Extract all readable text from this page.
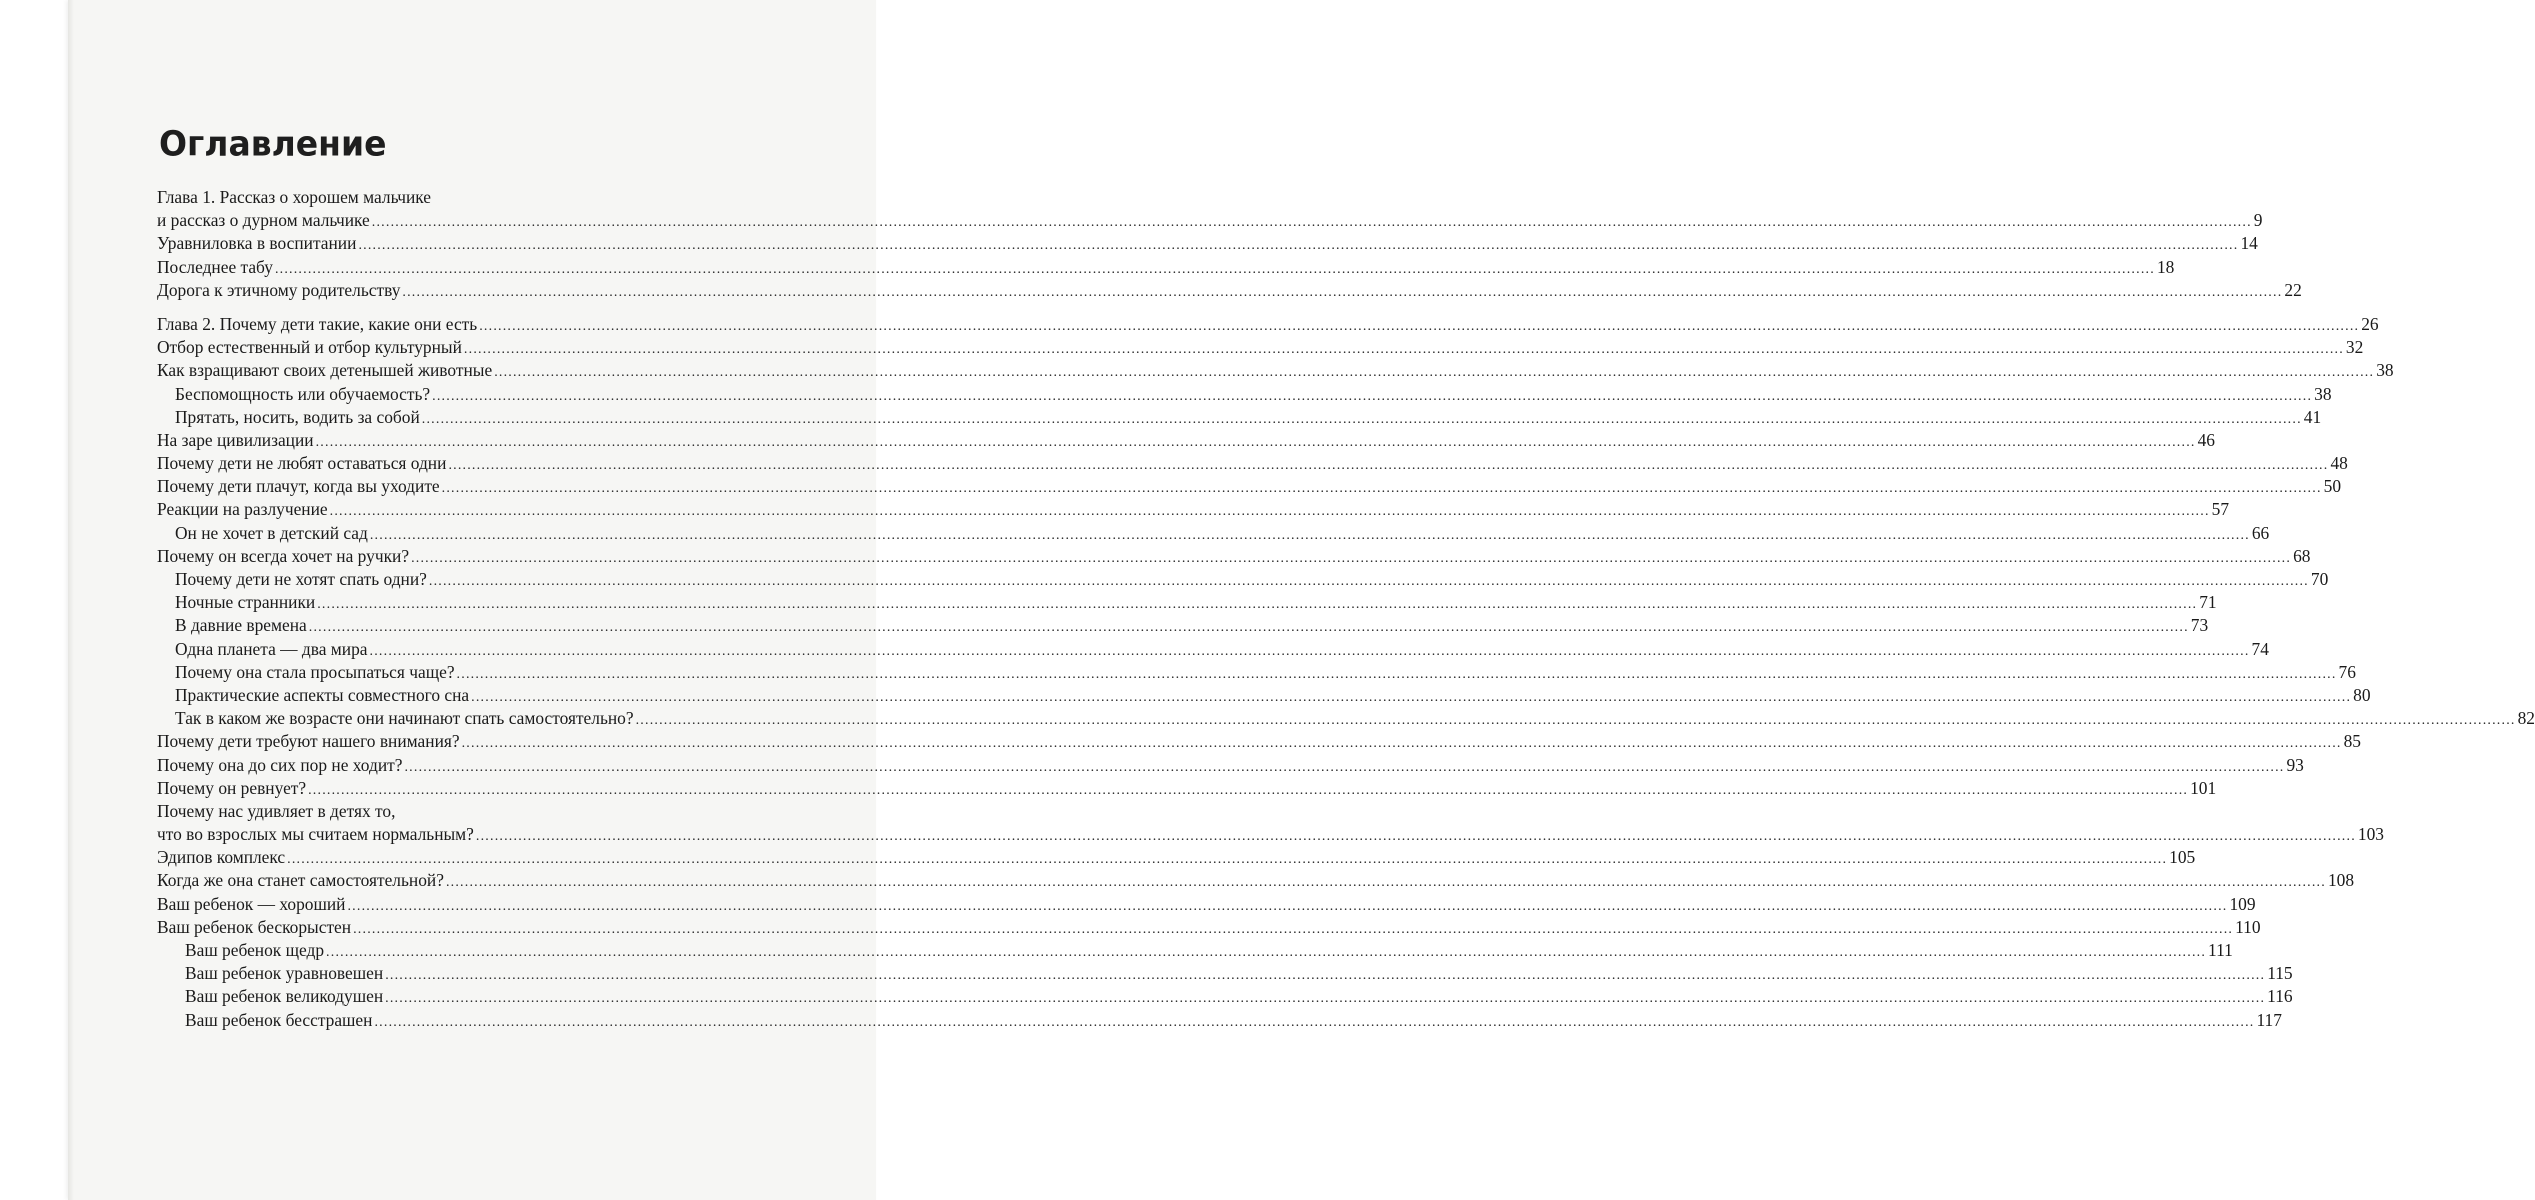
Оглавление
Глава 1. Рассказ о хорошем мальчике
и рассказ о дурном мальчике ................................................................................................................................................................................................................................................................................................................................................................................................................ 9
Уравниловка в воспитании ................................................................................................................................................................................................................................................................................................................................................................................................................ 14
Последнее табу ................................................................................................................................................................................................................................................................................................................................................................................................................ 18
Дорога к этичному родительству ................................................................................................................................................................................................................................................................................................................................................................................................................ 22
Глава 2. Почему дети такие, какие они есть ................................................................................................................................................................................................................................................................................................................................................................................................................ 26
Отбор естественный и отбор культурный ................................................................................................................................................................................................................................................................................................................................................................................................................ 32
Как взращивают своих детенышей животные ................................................................................................................................................................................................................................................................................................................................................................................................................ 38
Беспомощность или обучаемость? ................................................................................................................................................................................................................................................................................................................................................................................................................ 38
Прятать, носить, водить за собой ................................................................................................................................................................................................................................................................................................................................................................................................................ 41
На заре цивилизации ................................................................................................................................................................................................................................................................................................................................................................................................................ 46
Почему дети не любят оставаться одни ................................................................................................................................................................................................................................................................................................................................................................................................................ 48
Почему дети плачут, когда вы уходите ................................................................................................................................................................................................................................................................................................................................................................................................................ 50
Реакции на разлучение ................................................................................................................................................................................................................................................................................................................................................................................................................ 57
Он не хочет в детский сад ................................................................................................................................................................................................................................................................................................................................................................................................................ 66
Почему он всегда хочет на ручки? ................................................................................................................................................................................................................................................................................................................................................................................................................ 68
Почему дети не хотят спать одни? ................................................................................................................................................................................................................................................................................................................................................................................................................ 70
Ночные странники ................................................................................................................................................................................................................................................................................................................................................................................................................ 71
В давние времена ................................................................................................................................................................................................................................................................................................................................................................................................................ 73
Одна планета — два мира ................................................................................................................................................................................................................................................................................................................................................................................................................ 74
Почему она стала просыпаться чаще? ................................................................................................................................................................................................................................................................................................................................................................................................................ 76
Практические аспекты совместного сна ................................................................................................................................................................................................................................................................................................................................................................................................................ 80
Так в каком же возрасте они начинают спать самостоятельно? ................................................................................................................................................................................................................................................................................................................................................................................................................ 82
Почему дети требуют нашего внимания? ................................................................................................................................................................................................................................................................................................................................................................................................................ 85
Почему она до сих пор не ходит? ................................................................................................................................................................................................................................................................................................................................................................................................................ 93
Почему он ревнует? ................................................................................................................................................................................................................................................................................................................................................................................................................ 101
Почему нас удивляет в детях то,
что во взрослых мы считаем нормальным? ................................................................................................................................................................................................................................................................................................................................................................................................................ 103
Эдипов комплекс ................................................................................................................................................................................................................................................................................................................................................................................................................ 105
Когда же она станет самостоятельной? ................................................................................................................................................................................................................................................................................................................................................................................................................ 108
Ваш ребенок — хороший ................................................................................................................................................................................................................................................................................................................................................................................................................ 109
Ваш ребенок бескорыстен ................................................................................................................................................................................................................................................................................................................................................................................................................ 110
Ваш ребенок щедр ................................................................................................................................................................................................................................................................................................................................................................................................................ 111
Ваш ребенок уравновешен ................................................................................................................................................................................................................................................................................................................................................................................................................ 115
Ваш ребенок великодушен ................................................................................................................................................................................................................................................................................................................................................................................................................ 116
Ваш ребенок бесстрашен ................................................................................................................................................................................................................................................................................................................................................................................................................ 117
